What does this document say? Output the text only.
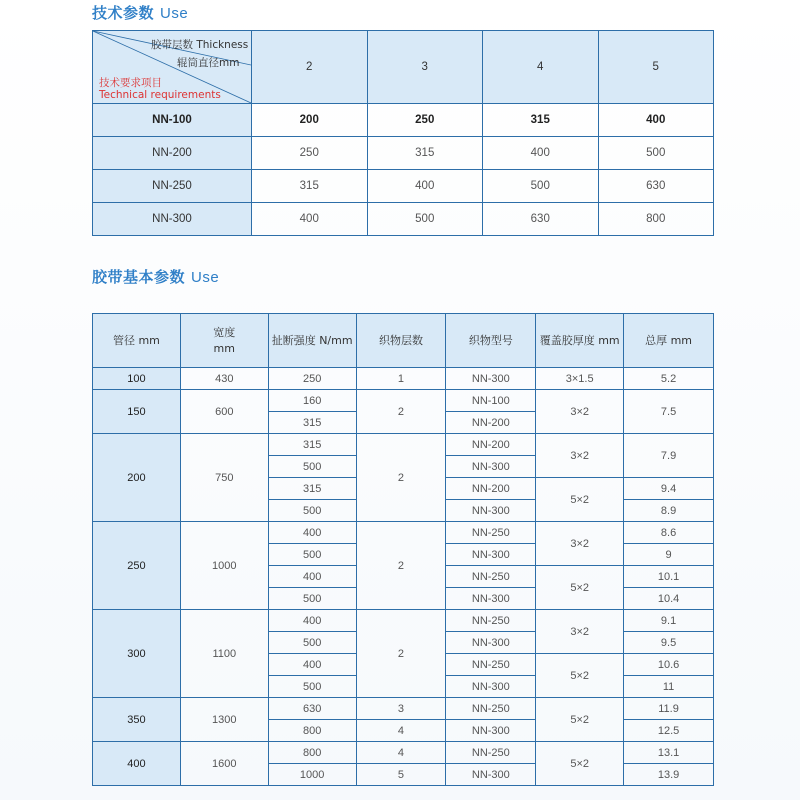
技术参数 Use
胶带层数 Thickness
辊筒直径mm
技术要求项目
Technical requirements	2	3	4	5
NN-100	200	250	315	400
NN-200	250	315	400	500
NN-250	315	400	500	630
NN-300	400	500	630	800
胶带基本参数 Use
管径 mm	宽度
mm	扯断强度 N/mm	织物层数	织物型号	覆盖胶厚度 mm	总厚 mm
100	430	250	1	NN-300	3×1.5	5.2
150	600	160	2	NN-100	3×2	7.5
		315		NN-200		
200	750	315	2	NN-200	3×2	7.9
		500		NN-300		
		315		NN-200	5×2	9.4
		500		NN-300		8.9
250	1000	400	2	NN-250	3×2	8.6
		500		NN-300		9
		400		NN-250	5×2	10.1
		500		NN-300		10.4
300	1100	400	2	NN-250	3×2	9.1
		500		NN-300		9.5
		400		NN-250	5×2	10.6
		500		NN-300		11
350	1300	630	3	NN-250	5×2	11.9
		800	4	NN-300		12.5
400	1600	800	4	NN-250	5×2	13.1
		1000	5	NN-300		13.9
